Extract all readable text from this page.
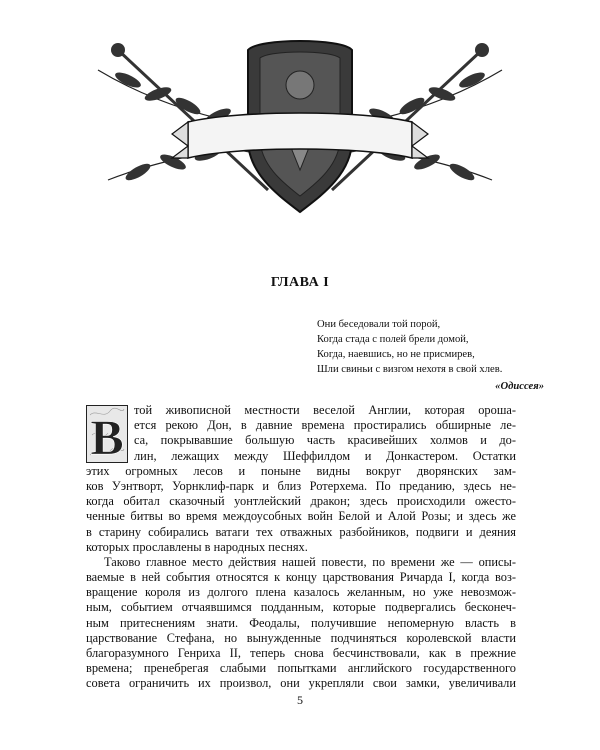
ГЛАВА I
Они беседовали той порой,
Когда стада с полей брели домой,
Когда, наевшись, но не присмирев,
Шли свиньи с визгом нехотя в свой хлев.
«Одиссея»
В той живописной местности веселой Англии, которая ороша-
ется рекою Дон, в давние времена простирались обширные ле-
са, покрывавшие большую часть красивейших холмов и до-
лин, лежащих между Шеффилдом и Донкастером. Остатки
этих огромных лесов и поныне видны вокруг дворянских зам-
ков Уэнтворт, Уорнклиф-парк и близ Ротерхема. По преданию, здесь не-
когда обитал сказочный уонтлейский дракон; здесь происходили ожесто-
ченные битвы во время междоусобных войн Белой и Алой Розы; и здесь же
в старину собирались ватаги тех отважных разбойников, подвиги и деяния
которых прославлены в народных песнях.
Таково главное место действия нашей повести, по времени же — описы-
ваемые в ней события относятся к концу царствования Ричарда I, когда воз-
вращение короля из долгого плена казалось желанным, но уже невозмож-
ным, событием отчаявшимся подданным, которые подвергались бесконеч-
ным притеснениям знати. Феодалы, получившие непомерную власть в
царствование Стефана, но вынужденные подчиняться королевской власти
благоразумного Генриха II, теперь снова бесчинствовали, как в прежние
времена; пренебрегая слабыми попытками английского государственного
совета ограничить их произвол, они укрепляли свои замки, увеличивали
5
